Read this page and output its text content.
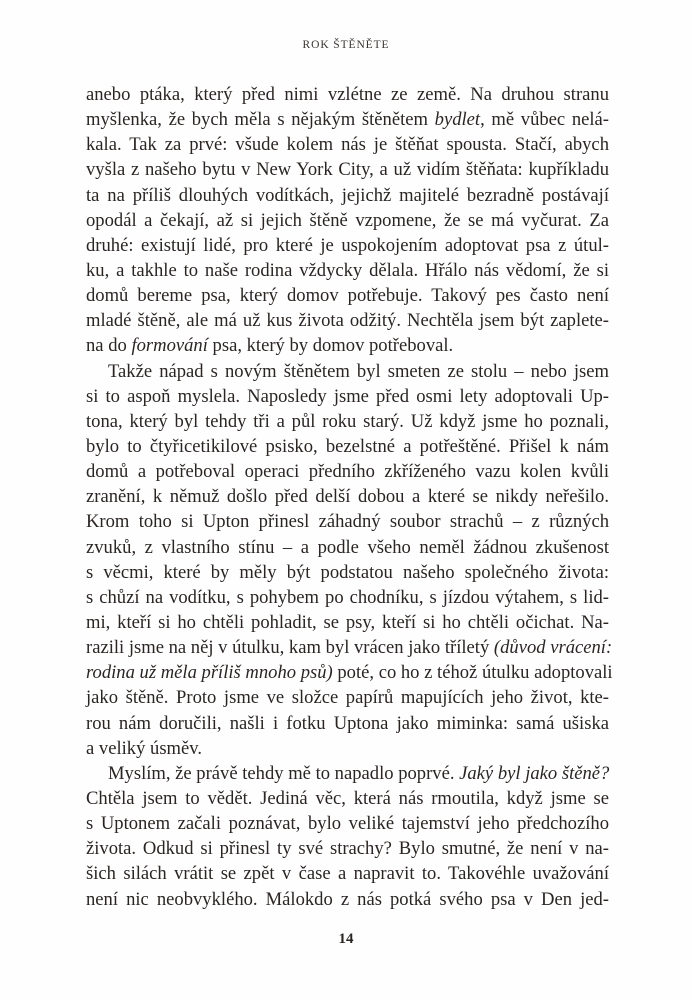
ROK ŠTĚNĚTE
anebo ptáka, který před nimi vzlétne ze země. Na druhou stranu
myšlenka, že bych měla s nějakým štěnětem bydlet, mě vůbec nelá-
kala. Tak za prvé: všude kolem nás je štěňat spousta. Stačí, abych
vyšla z našeho bytu v New York City, a už vidím štěňata: kupříkladu
ta na příliš dlouhých vodítkách, jejichž majitelé bezradně postávají
opodál a čekají, až si jejich štěně vzpomene, že se má vyčurat. Za
druhé: existují lidé, pro které je uspokojením adoptovat psa z útul-
ku, a takhle to naše rodina vždycky dělala. Hřálo nás vědomí, že si
domů bereme psa, který domov potřebuje. Takový pes často není
mladé štěně, ale má už kus života odžitý. Nechtěla jsem být zaplete-
na do formování psa, který by domov potřeboval.
Takže nápad s novým štěnětem byl smeten ze stolu – nebo jsem
si to aspoň myslela. Naposledy jsme před osmi lety adoptovali Up-
tona, který byl tehdy tři a půl roku starý. Už když jsme ho poznali,
bylo to čtyřicetikilové psisko, bezelstné a potřeštěné. Přišel k nám
domů a potřeboval operaci předního zkříženého vazu kolen kvůli
zranění, k němuž došlo před delší dobou a které se nikdy neřešilo.
Krom toho si Upton přinesl záhadný soubor strachů – z různých
zvuků, z vlastního stínu – a podle všeho neměl žádnou zkušenost
s věcmi, které by měly být podstatou našeho společného života:
s chůzí na vodítku, s pohybem po chodníku, s jízdou výtahem, s lid-
mi, kteří si ho chtěli pohladit, se psy, kteří si ho chtěli očichat. Na-
razili jsme na něj v útulku, kam byl vrácen jako tříletý (důvod vrácení:
rodina už měla příliš mnoho psů) poté, co ho z téhož útulku adoptovali
jako štěně. Proto jsme ve složce papírů mapujících jeho život, kte-
rou nám doručili, našli i fotku Uptona jako miminka: samá ušiska
a veliký úsměv.
Myslím, že právě tehdy mě to napadlo poprvé. Jaký byl jako štěně?
Chtěla jsem to vědět. Jediná věc, která nás rmoutila, když jsme se
s Uptonem začali poznávat, bylo veliké tajemství jeho předchozího
života. Odkud si přinesl ty své strachy? Bylo smutné, že není v na-
šich silách vrátit se zpět v čase a napravit to. Takovéhle uvažování
není nic neobvyklého. Málokdo z nás potká svého psa v Den jed-
14
